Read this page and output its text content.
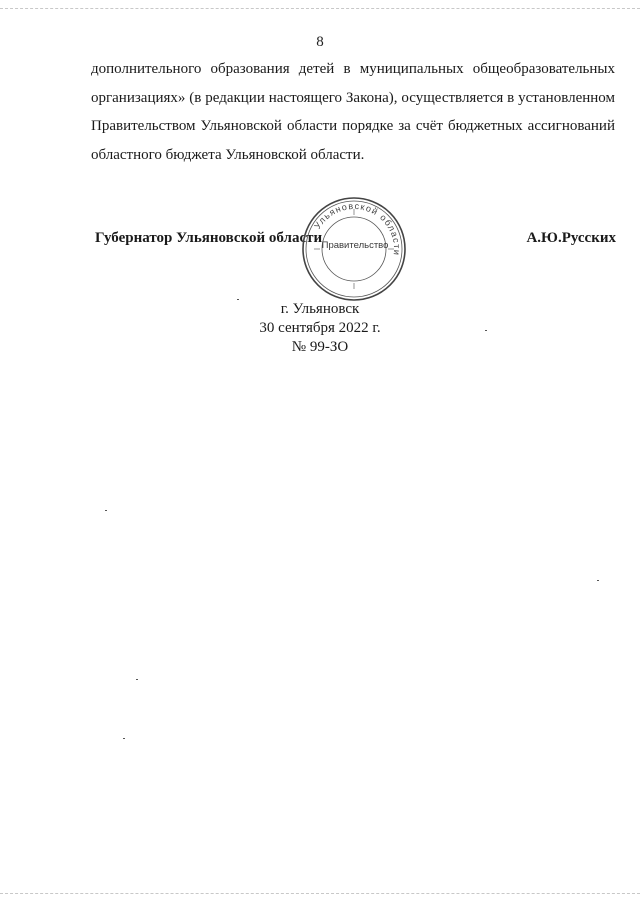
8
дополнительного образования детей в муниципальных общеобразовательных
организациях» (в редакции настоящего Закона), осуществляется в установленном
Правительством Ульяновской области порядке за счёт бюджетных ассигнований
областного бюджета Ульяновской области.
Губернатор Ульяновской области	А.Ю.Русских
Ульяновской области
Правительство
г. Ульяновск
30 сентября 2022 г.
№ 99-ЗО
